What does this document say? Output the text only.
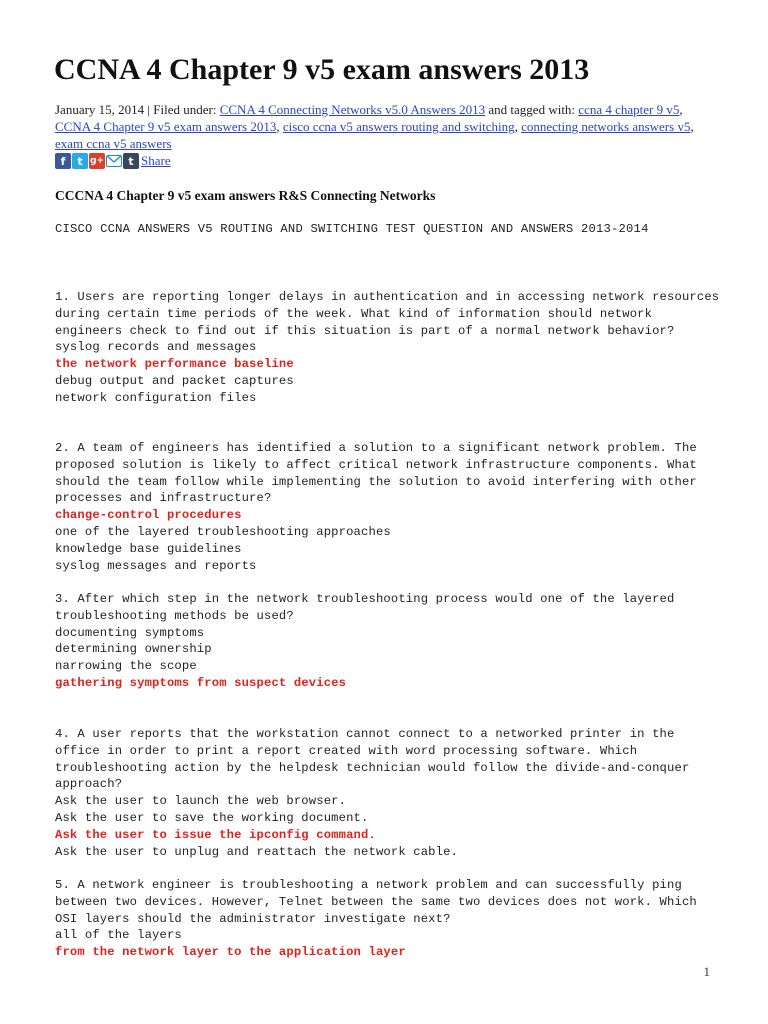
CCNA 4 Chapter 9 v5 exam answers 2013
January 15, 2014 | Filed under: CCNA 4 Connecting Networks v5.0 Answers 2013 and tagged with: ccna 4 chapter 9 v5, CCNA 4 Chapter 9 v5 exam answers 2013, cisco ccna v5 answers routing and switching, connecting networks answers v5, exam ccna v5 answers
f	t g+	t Share
CCCNA 4 Chapter 9 v5 exam answers R&S Connecting Networks
CISCO CCNA ANSWERS V5 ROUTING AND SWITCHING TEST QUESTION AND ANSWERS 2013-2014
1. Users are reporting longer delays in authentication and in accessing network resources during certain time periods of the week. What kind of information should network engineers check to find out if this situation is part of a normal network behavior?
syslog records and messages
the network performance baseline
debug output and packet captures
network configuration files
2. A team of engineers has identified a solution to a significant network problem. The proposed solution is likely to affect critical network infrastructure components. What should the team follow while implementing the solution to avoid interfering with other processes and infrastructure?
change-control procedures
one of the layered troubleshooting approaches
knowledge base guidelines
syslog messages and reports
3. After which step in the network troubleshooting process would one of the layered troubleshooting methods be used?
documenting symptoms
determining ownership
narrowing the scope
gathering symptoms from suspect devices
4. A user reports that the workstation cannot connect to a networked printer in the office in order to print a report created with word processing software. Which troubleshooting action by the helpdesk technician would follow the divide-and-conquer approach?
Ask the user to launch the web browser.
Ask the user to save the working document.
Ask the user to issue the ipconfig command.
Ask the user to unplug and reattach the network cable.
5. A network engineer is troubleshooting a network problem and can successfully ping between two devices. However, Telnet between the same two devices does not work. Which OSI layers should the administrator investigate next?
all of the layers
from the network layer to the application layer
1
